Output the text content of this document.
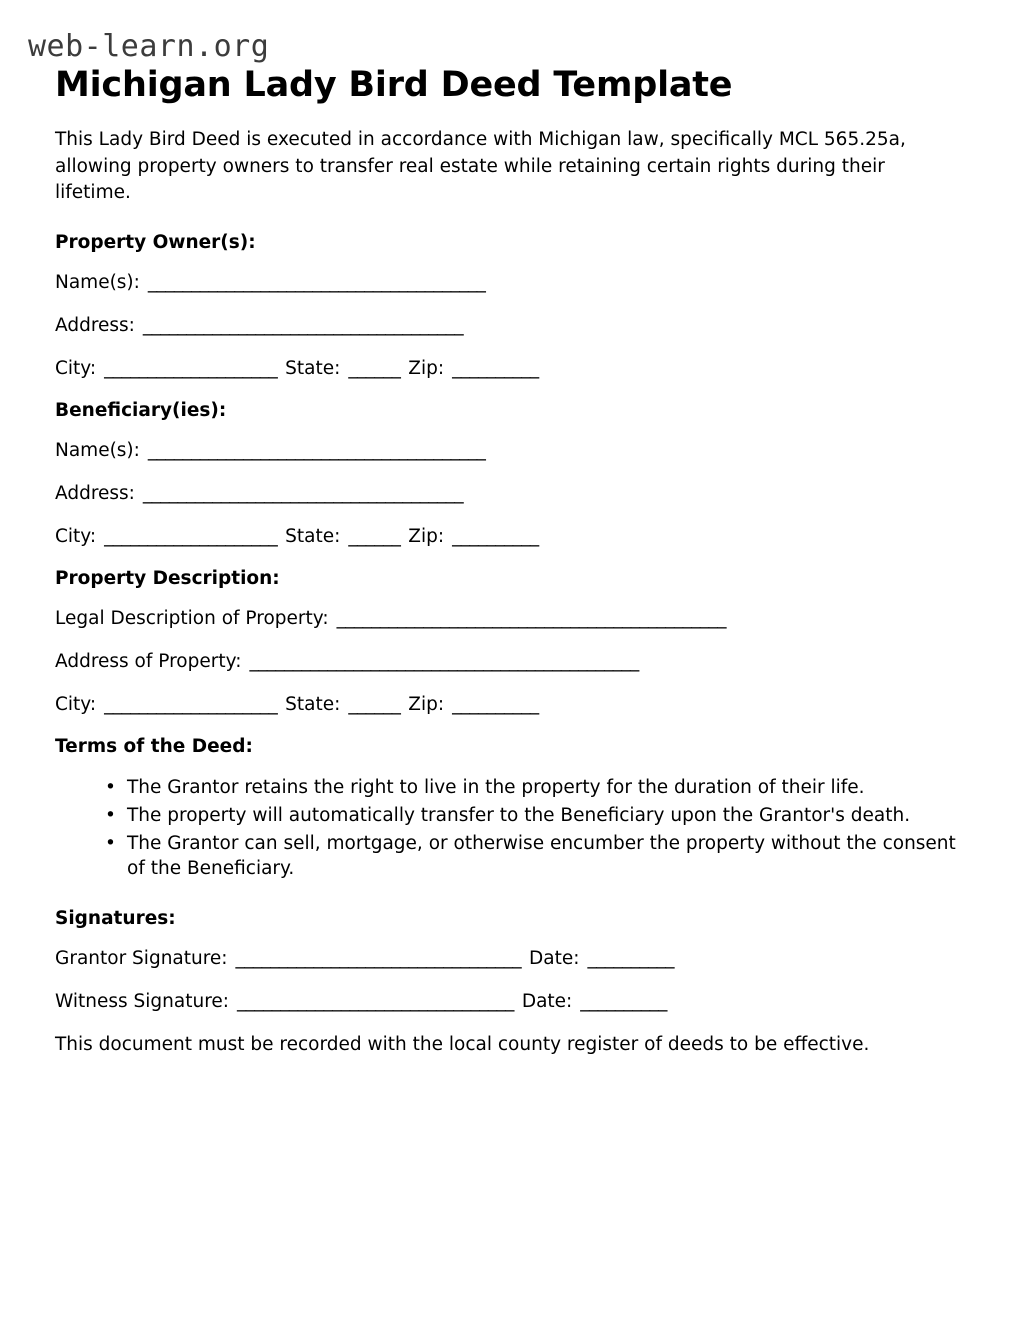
web-learn.org
Michigan Lady Bird Deed Template

This Lady Bird Deed is executed in accordance with Michigan law, specifically MCL 565.25a, allowing property owners to transfer real estate while retaining certain rights during their lifetime.

Property Owner(s):
Name(s): _______________________________________
Address: _____________________________________
City: ____________________ State: ______ Zip: __________
Beneficiary(ies):
Name(s): _______________________________________
Address: _____________________________________
City: ____________________ State: ______ Zip: __________
Property Description:
Legal Description of Property: _____________________________________________
Address of Property: _____________________________________________
City: ____________________ State: ______ Zip: __________
Terms of the Deed:
• The Grantor retains the right to live in the property for the duration of their life.
• The property will automatically transfer to the Beneficiary upon the Grantor's death.
• The Grantor can sell, mortgage, or otherwise encumber the property without the consent of the Beneficiary.
Signatures:
Grantor Signature: _________________________________ Date: __________
Witness Signature: ________________________________ Date: __________

This document must be recorded with the local county register of deeds to be effective.
